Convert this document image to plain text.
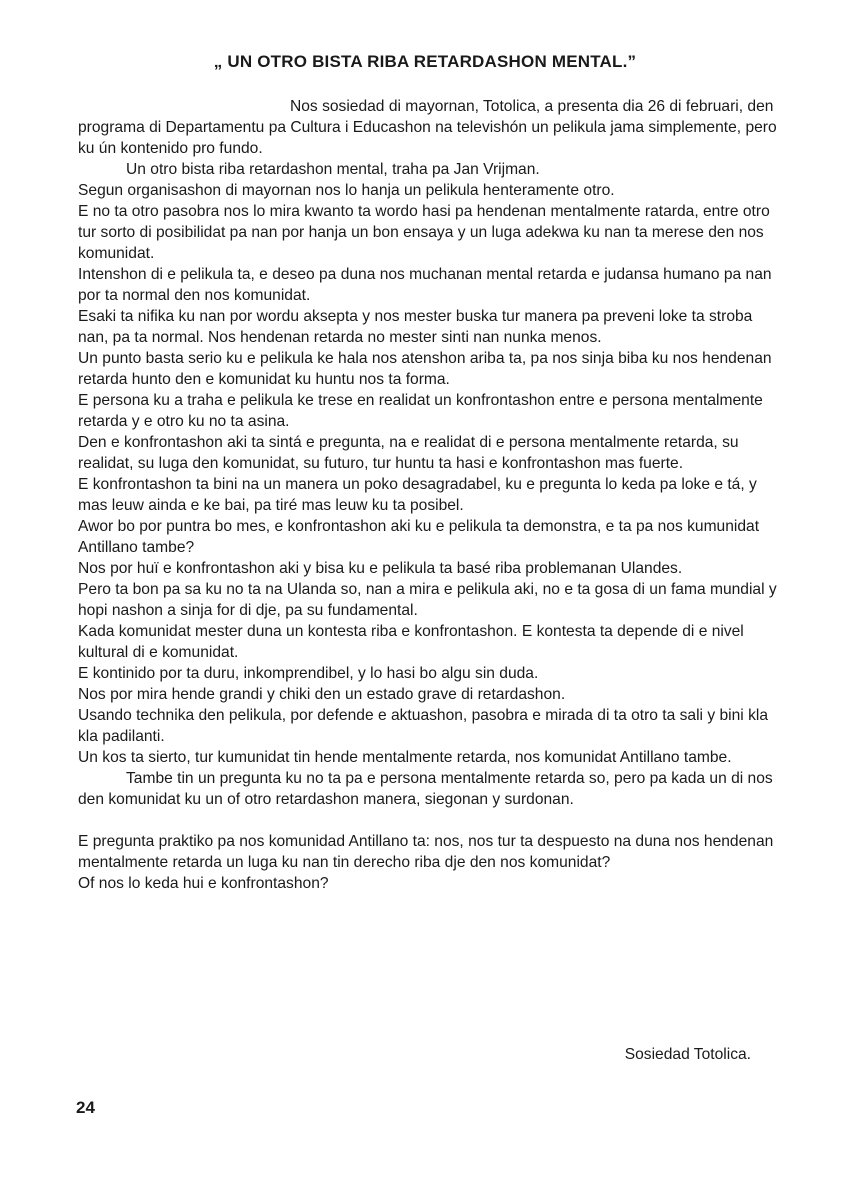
„ UN OTRO BISTA RIBA RETARDASHON MENTAL.”

Nos sosiedad di mayornan, Totolica, a presenta dia 26 di februari, den programa di Departamentu pa Cultura i Educashon na televishón un pelikula jama simplemente, pero ku ún kontenido pro fundo.

Un otro bista riba retardashon mental, traha pa Jan Vrijman.

Segun organisashon di mayornan nos lo hanja un pelikula henteramente otro.

E no ta otro pasobra nos lo mira kwanto ta wordo hasi pa hendenan mentalmente ratarda, entre otro tur sorto di posibilidat pa nan por hanja un bon ensaya y un luga adekwa ku nan ta merese den nos komunidat.

Intenshon di e pelikula ta, e deseo pa duna nos muchanan mental retarda e judansa humano pa nan por ta normal den nos komunidat.

Esaki ta nifika ku nan por wordu aksepta y nos mester buska tur manera pa preveni loke ta stroba nan, pa ta normal. Nos hendenan retarda no mester sinti nan nunka menos.

Un punto basta serio ku e pelikula ke hala nos atenshon ariba ta, pa nos sinja biba ku nos hendenan retarda hunto den e komunidat ku huntu nos ta forma.

E persona ku a traha e pelikula ke trese en realidat un konfrontashon entre e persona mentalmente retarda y e otro ku no ta asina.

Den e konfrontashon aki ta sintá e pregunta, na e realidat di e persona mentalmente retarda, su realidat, su luga den komunidat, su futuro, tur huntu ta hasi e konfrontashon mas fuerte.

E konfrontashon ta bini na un manera un poko desagradabel, ku e pregunta lo keda pa loke e tá, y mas leuw ainda e ke bai, pa tiré mas leuw ku ta posibel.

Awor bo por puntra bo mes, e konfrontashon aki ku e pelikula ta demonstra, e ta pa nos kumunidat Antillano tambe?

Nos por huï e konfrontashon aki y bisa ku e pelikula ta basé riba problemanan Ulandes.

Pero ta bon pa sa ku no ta na Ulanda so, nan a mira e pelikula aki, no e ta gosa di un fama mundial y hopi nashon a sinja for di dje, pa su fundamental.

Kada komunidat mester duna un kontesta riba e konfrontashon. E kontesta ta depende di e nivel kultural di e komunidat.

E kontinido por ta duru, inkomprendibel, y lo hasi bo algu sin duda.

Nos por mira hende grandi y chiki den un estado grave di retardashon.

Usando technika den pelikula, por defende e aktuashon, pasobra e mirada di ta otro ta sali y bini kla kla padilanti.

Un kos ta sierto, tur kumunidat tin hende mentalmente retarda, nos komunidat Antillano tambe.

Tambe tin un pregunta ku no ta pa e persona mentalmente retarda so, pero pa kada un di nos den komunidat ku un of otro retardashon manera, siegonan y surdonan.

E pregunta praktiko pa nos komunidad Antillano ta: nos, nos tur ta despuesto na duna nos hendenan mentalmente retarda un luga ku nan tin derecho riba dje den nos komunidat?

Of nos lo keda hui e konfrontashon?

Sosiedad Totolica.
24
